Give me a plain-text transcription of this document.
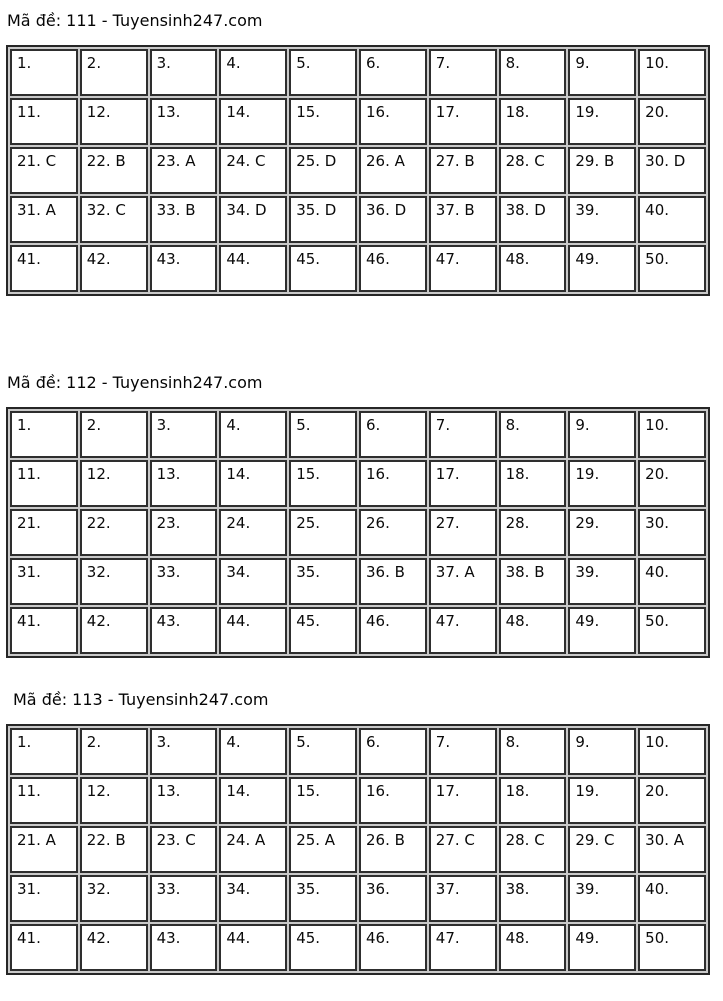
Mã đề: 111 - Tuyensinh247.com
1.	2.	3.	4.	5.	6.	7.	8.	9.	10.
11.	12.	13.	14.	15.	16.	17.	18.	19.	20.
21. C	22. B	23. A	24. C	25. D	26. A	27. B	28. C	29. B	30. D
31. A	32. C	33. B	34. D	35. D	36. D	37. B	38. D	39.	40.
41.	42.	43.	44.	45.	46.	47.	48.	49.	50.
Mã đề: 112 - Tuyensinh247.com
1.	2.	3.	4.	5.	6.	7.	8.	9.	10.
11.	12.	13.	14.	15.	16.	17.	18.	19.	20.
21.	22.	23.	24.	25.	26.	27.	28.	29.	30.
31.	32.	33.	34.	35.	36. B	37. A	38. B	39.	40.
41.	42.	43.	44.	45.	46.	47.	48.	49.	50.
Mã đề: 113 - Tuyensinh247.com
1.	2.	3.	4.	5.	6.	7.	8.	9.	10.
11.	12.	13.	14.	15.	16.	17.	18.	19.	20.
21. A	22. B	23. C	24. A	25. A	26. B	27. C	28. C	29. C	30. A
31.	32.	33.	34.	35.	36.	37.	38.	39.	40.
41.	42.	43.	44.	45.	46.	47.	48.	49.	50.
